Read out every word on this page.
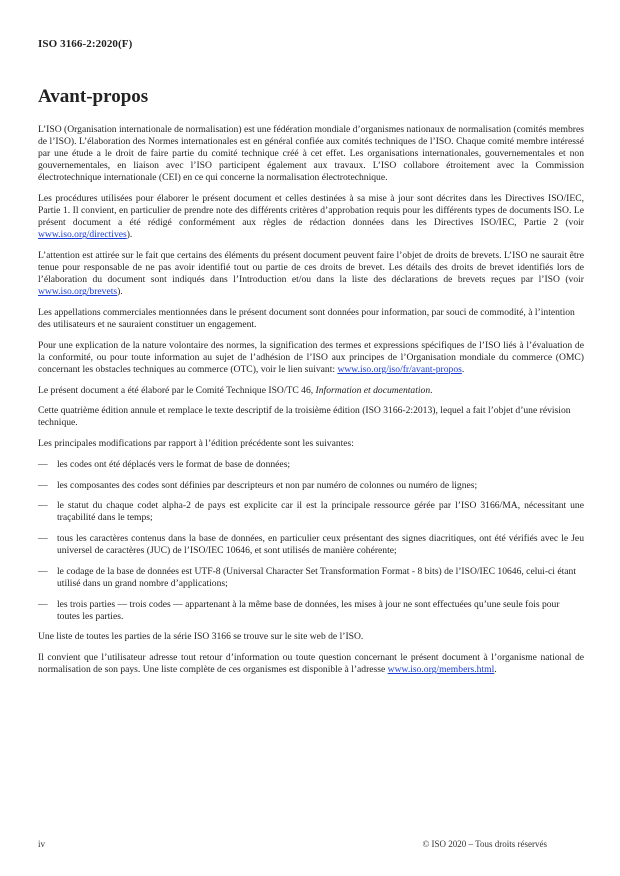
ISO 3166-2:2020(F)
Avant-propos

L’ISO (Organisation internationale de normalisation) est une fédération mondiale d’organismes nationaux de normalisation (comités membres de l’ISO). L’élaboration des Normes internationales est en général confiée aux comités techniques de l’ISO. Chaque comité membre intéressé par une étude a le droit de faire partie du comité technique créé à cet effet. Les organisations internationales, gouvernementales et non gouvernementales, en liaison avec l’ISO participent également aux travaux. L’ISO collabore étroitement avec la Commission électrotechnique internationale (CEI) en ce qui concerne la normalisation électrotechnique.

Les procédures utilisées pour élaborer le présent document et celles destinées à sa mise à jour sont décrites dans les Directives ISO/IEC, Partie 1. Il convient, en particulier de prendre note des différents critères d’approbation requis pour les différents types de documents ISO. Le présent document a été rédigé conformément aux règles de rédaction données dans les Directives ISO/IEC, Partie 2 (voir www.iso.org/directives).

L’attention est attirée sur le fait que certains des éléments du présent document peuvent faire l’objet de droits de brevets. L’ISO ne saurait être tenue pour responsable de ne pas avoir identifié tout ou partie de ces droits de brevet. Les détails des droits de brevet identifiés lors de l’élaboration du document sont indiqués dans l’Introduction et/ou dans la liste des déclarations de brevets reçues par l’ISO (voir www.iso.org/brevets).

Les appellations commerciales mentionnées dans le présent document sont données pour information, par souci de commodité, à l’intention des utilisateurs et ne sauraient constituer un engagement.

Pour une explication de la nature volontaire des normes, la signification des termes et expressions spécifiques de l’ISO liés à l’évaluation de la conformité, ou pour toute information au sujet de l’adhésion de l’ISO aux principes de l’Organisation mondiale du commerce (OMC) concernant les obstacles techniques au commerce (OTC), voir le lien suivant: www.iso.org/iso/fr/avant-propos.

Le présent document a été élaboré par le Comité Technique ISO/TC 46, Information et documentation.

Cette quatrième édition annule et remplace le texte descriptif de la troisième édition (ISO 3166-2:2013), lequel a fait l’objet d’une révision technique.

Les principales modifications par rapport à l’édition précédente sont les suivantes:

— les codes ont été déplacés vers le format de base de données;
— les composantes des codes sont définies par descripteurs et non par numéro de colonnes ou numéro de lignes;
— le statut du chaque codet alpha-2 de pays est explicite car il est la principale ressource gérée par l’ISO 3166/MA, nécessitant une traçabilité dans le temps;
— tous les caractères contenus dans la base de données, en particulier ceux présentant des signes diacritiques, ont été vérifiés avec le Jeu universel de caractères (JUC) de l’ISO/IEC 10646, et sont utilisés de manière cohérente;
— le codage de la base de données est UTF-8 (Universal Character Set Transformation Format - 8 bits) de l’ISO/IEC 10646, celui-ci étant utilisé dans un grand nombre d’applications;
— les trois parties — trois codes — appartenant à la même base de données, les mises à jour ne sont effectuées qu’une seule fois pour toutes les parties.

Une liste de toutes les parties de la série ISO 3166 se trouve sur le site web de l’ISO.

Il convient que l’utilisateur adresse tout retour d’information ou toute question concernant le présent document à l’organisme national de normalisation de son pays. Une liste complète de ces organismes est disponible à l’adresse www.iso.org/members.html.

iv	© ISO 2020 – Tous droits réservés
